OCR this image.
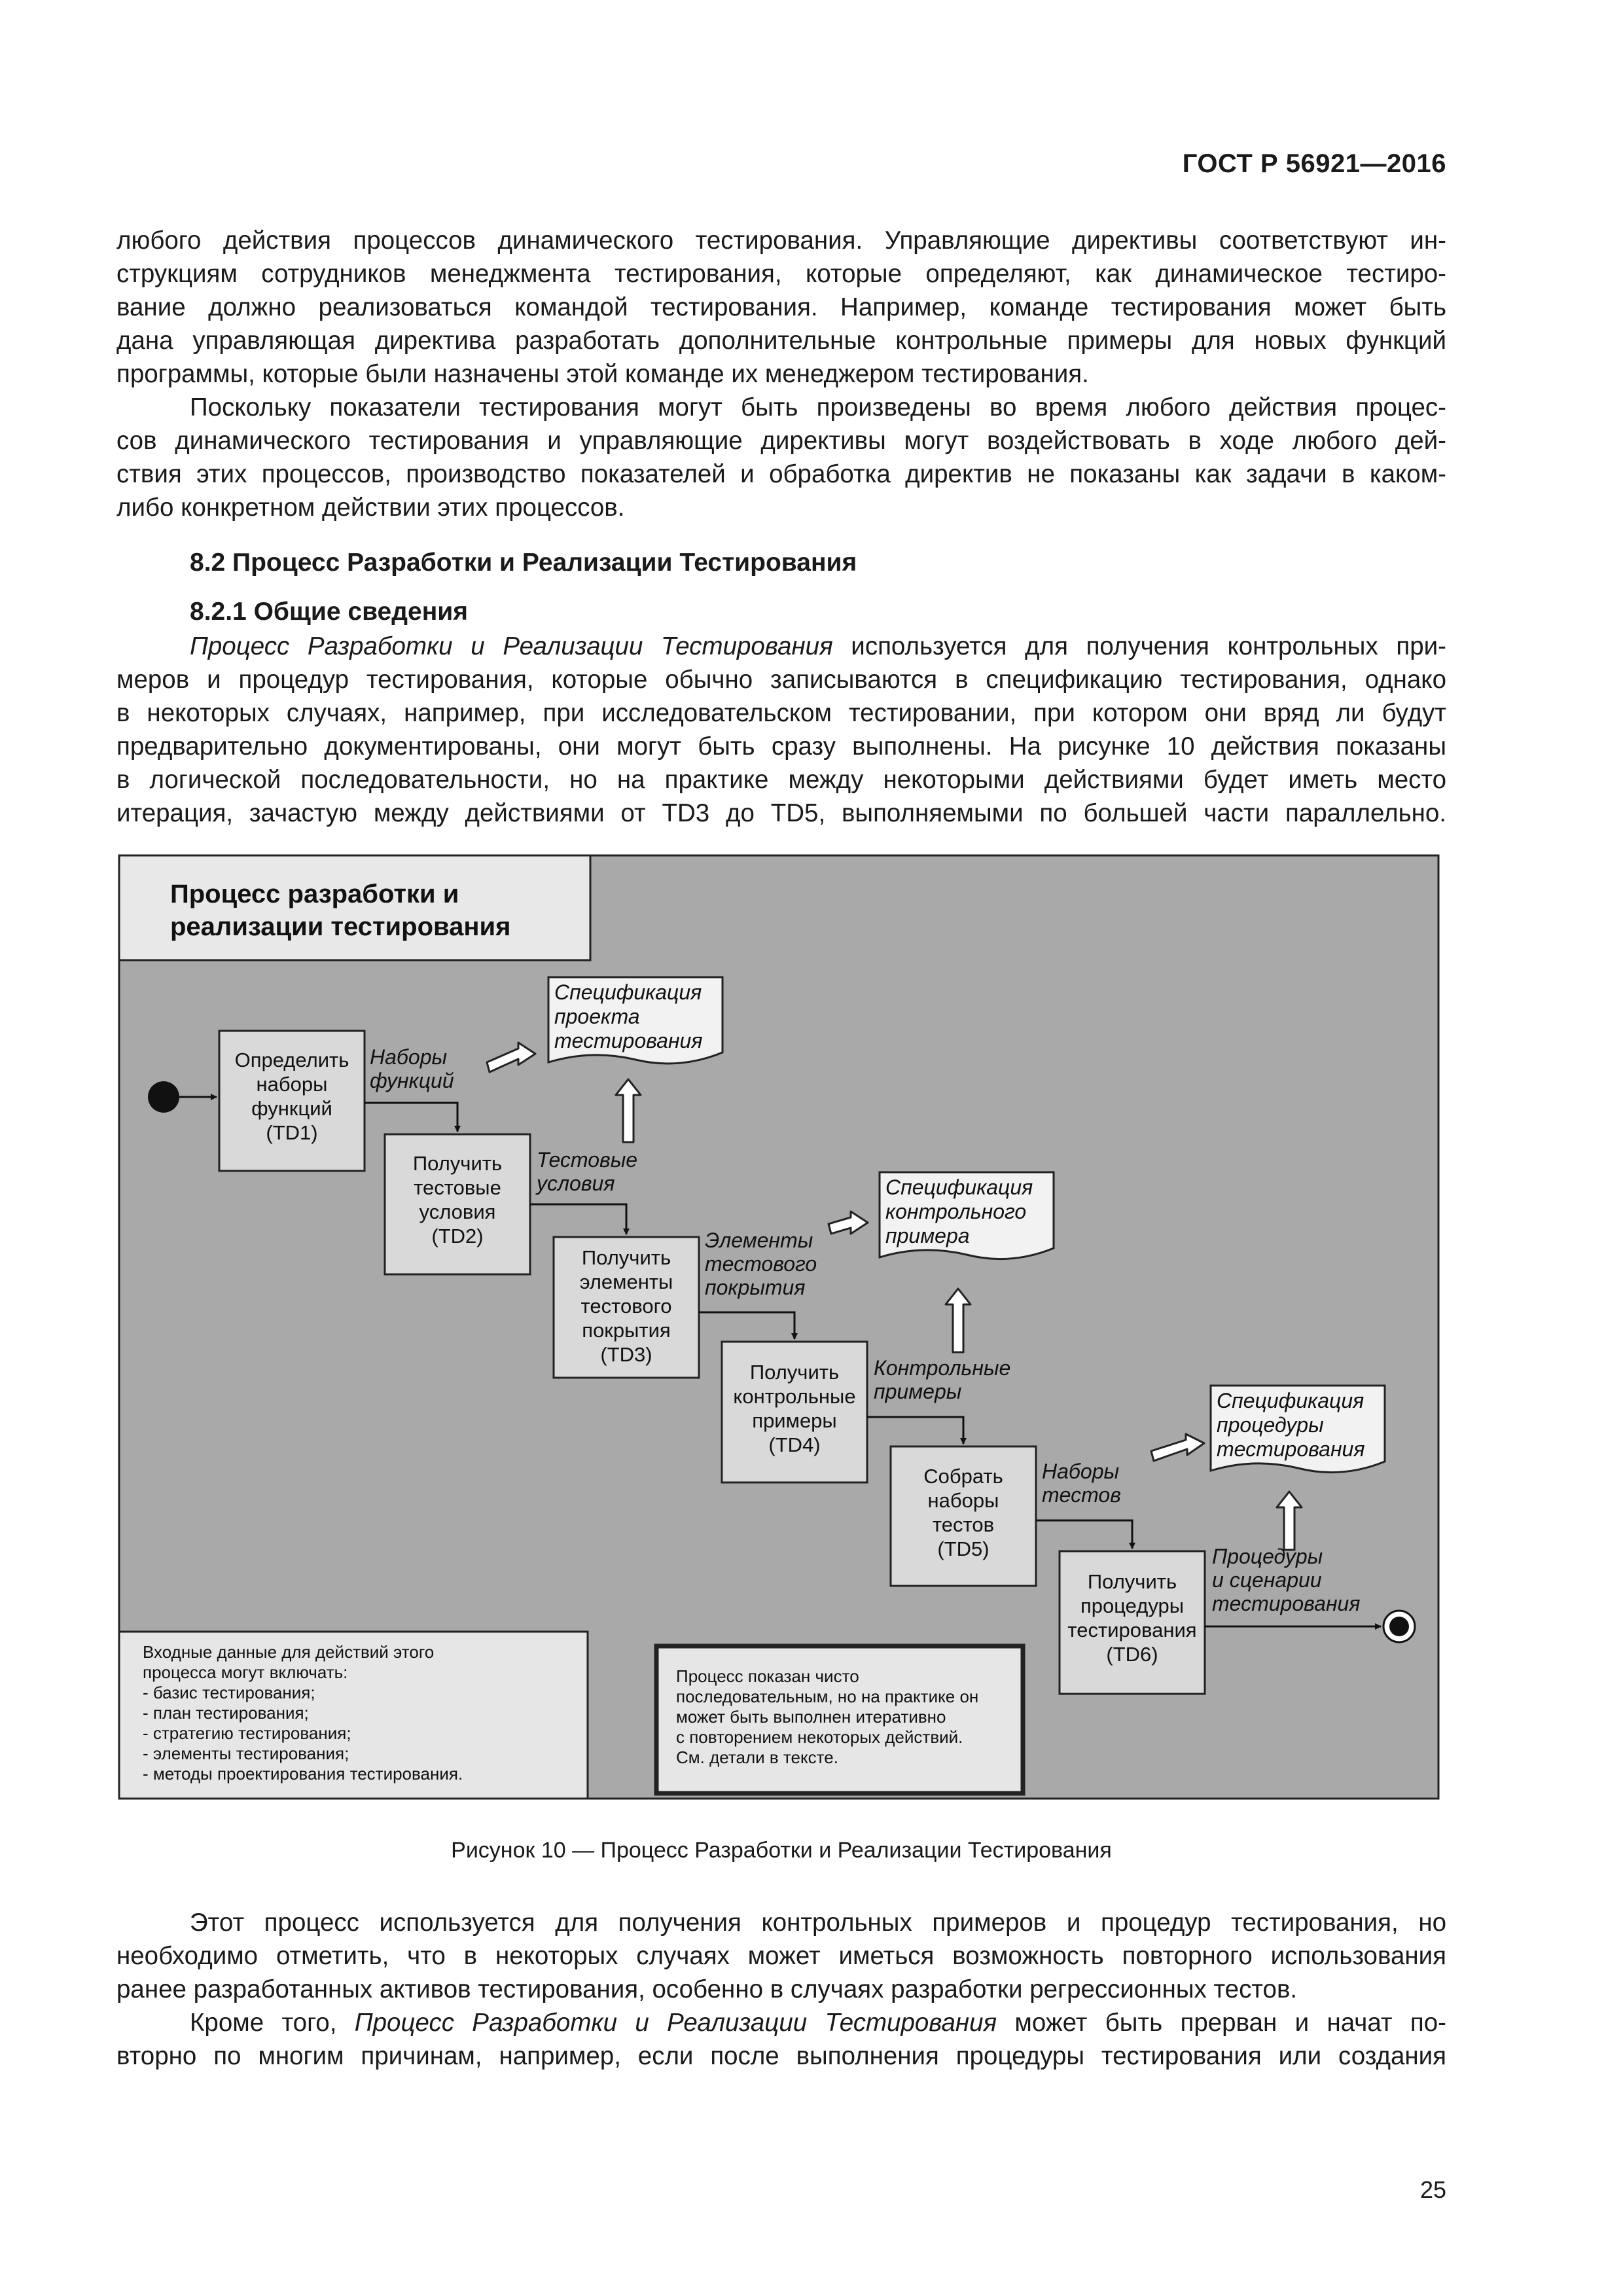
ГОСТ Р 56921—2016
любого действия процессов динамического тестирования. Управляющие директивы соответствуют ин-
струкциям сотрудников менеджмента тестирования, которые определяют, как динамическое тестиро-
вание должно реализоваться командой тестирования. Например, команде тестирования может быть
дана управляющая директива разработать дополнительные контрольные примеры для новых функций
программы, которые были назначены этой команде их менеджером тестирования.
Поскольку показатели тестирования могут быть произведены во время любого действия процес-
сов динамического тестирования и управляющие директивы могут воздействовать в ходе любого дей-
ствия этих процессов, производство показателей и обработка директив не показаны как задачи в каком-
либо конкретном действии этих процессов.
8.2 Процесс Разработки и Реализации Тестирования
8.2.1 Общие сведения
Процесс Разработки и Реализации Тестирования используется для получения контрольных при-
меров и процедур тестирования, которые обычно записываются в спецификацию тестирования, однако
в некоторых случаях, например, при исследовательском тестировании, при котором они вряд ли будут
предварительно документированы, они могут быть сразу выполнены. На рисунке 10 действия показаны
в логической последовательности, но на практике между некоторыми действиями будет иметь место
итерация, зачастую между действиями от TD3 до TD5, выполняемыми по большей части параллельно.
Процесс разработки и
реализации тестирования
Определить
наборы
функций
(TD1)
Получить
тестовые
условия
(TD2)
Получить
элементы
тестового
покрытия
(TD3)
Получить
контрольные
примеры
(TD4)
Собрать
наборы
тестов
(TD5)
Получить
процедуры
тестирования
(TD6)
Наборы
функций
Тестовые
условия
Элементы
тестового
покрытия
Контрольные
примеры
Наборы
тестов
Процедуры
и сценарии
тестирования
Спецификация
проекта
тестирования
Спецификация
контрольного
примера
Спецификация
процедуры
тестирования
Входные данные для действий этого
процесса могут включать:
- базис тестирования;
- план тестирования;
- стратегию тестирования;
- элементы тестирования;
- методы проектирования тестирования.
Процесс показан чисто
последовательным, но на практике он
может быть выполнен итеративно
с повторением некоторых действий.
См. детали в тексте.
Рисунок 10 — Процесс Разработки и Реализации Тестирования
Этот процесс используется для получения контрольных примеров и процедур тестирования, но
необходимо отметить, что в некоторых случаях может иметься возможность повторного использования
ранее разработанных активов тестирования, особенно в случаях разработки регрессионных тестов.
Кроме того, Процесс Разработки и Реализации Тестирования может быть прерван и начат по-
вторно по многим причинам, например, если после выполнения процедуры тестирования или создания
25
